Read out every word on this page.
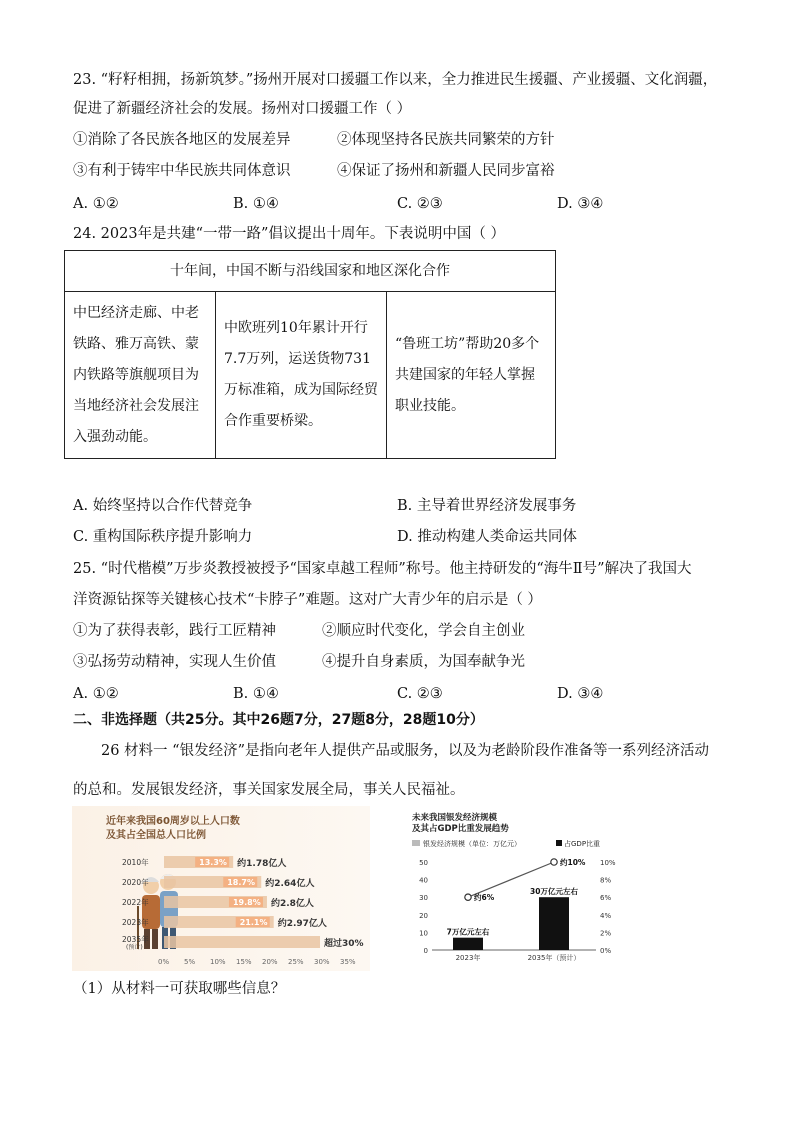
23. “籽籽相拥，扬新筑梦。”扬州开展对口援疆工作以来，全力推进民生援疆、产业援疆、文化润疆，
促进了新疆经济社会的发展。扬州对口援疆工作（ ）
①消除了各民族各地区的发展差异	②体现坚持各民族共同繁荣的方针
③有利于铸牢中华民族共同体意识	④保证了扬州和新疆人民同步富裕
A. ①②	B. ①④	C. ②③	D. ③④
24. 2023年是共建“一带一路”倡议提出十周年。下表说明中国（ ）
十年间，中国不断与沿线国家和地区深化合作
中巴经济走廊、中老铁路、雅万高铁、蒙内铁路等旗舰项目为当地经济社会发展注入强劲动能。	中欧班列10年累计开行7.7万列，运送货物731万标准箱，成为国际经贸合作重要桥梁。	“鲁班工坊”帮助20多个共建国家的年轻人掌握职业技能。
A. 始终坚持以合作代替竞争	B. 主导着世界经济发展事务
C. 重构国际秩序提升影响力	D. 推动构建人类命运共同体
25. “时代楷模”万步炎教授被授予“国家卓越工程师”称号。他主持研发的“海牛Ⅱ号”解决了我国大
洋资源钻探等关键核心技术“卡脖子”难题。这对广大青少年的启示是（ ）
①为了获得表彰，践行工匠精神	②顺应时代变化，学会自主创业
③弘扬劳动精神，实现人生价值	④提升自身素质，为国奉献争光
A. ①②	B. ①④	C. ②③	D. ③④
二、非选择题（共25分。其中26题7分，27题8分，28题10分）
26 材料一 “银发经济”是指向老年人提供产品或服务，以及为老龄阶段作准备等一系列经济活动
的总和。发展银发经济，事关国家发展全局，事关人民福祉。
近年来我国60周岁以上人口数
及其占全国总人口比例
2010年	13.3% 约1.78亿人
2020年	18.7% 约2.64亿人
2022年	19.8% 约2.8亿人
2023年	21.1% 约2.97亿人
2035年(预计)	超过30%
0% 5% 10% 15% 20% 25% 30% 35%
未来我国银发经济规模
及其占GDP比重发展趋势
银发经济规模（单位：万亿元）	占GDP比重
0
10
20
30
40
50
0%
2%
4%
6%
8%
10%
7万亿元左右
2023年
30万亿元左右
2035年（预计）
约6%
约10%
（1）从材料一可获取哪些信息？
